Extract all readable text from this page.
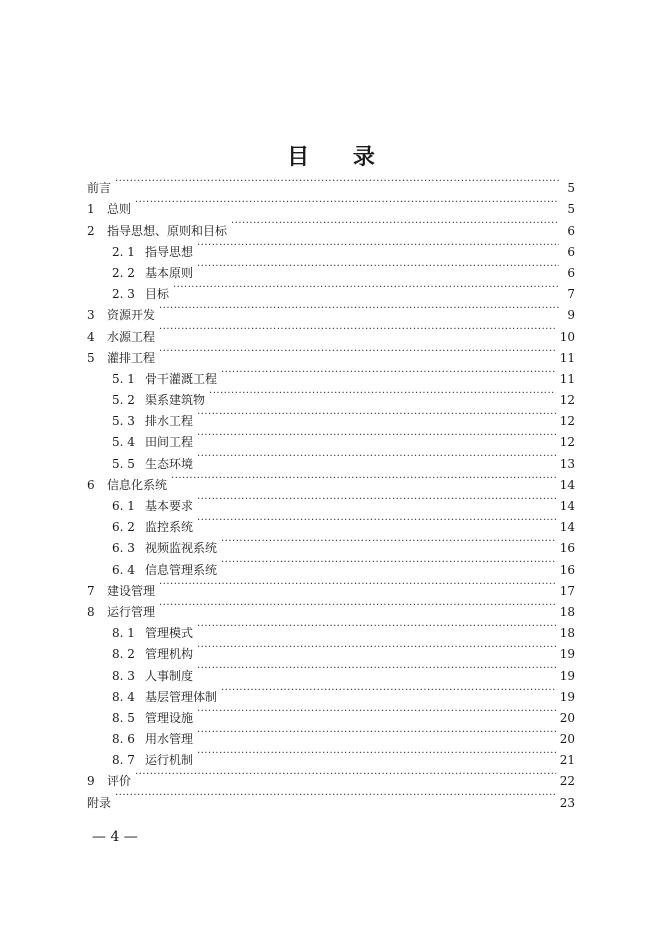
目 录
前言 ·····	5
1	总则 ·····	5
2	指导思想、原则和目标 ·····	6
2. 1 指导思想 ·····	6
2. 2 基本原则 ·····	6
2. 3 目标 ·····	7
3	资源开发 ·····	9
4	水源工程 ·····	10
5	灌排工程 ·····	11
5. 1 骨干灌溉工程 ·····	11
5. 2 渠系建筑物 ·····	12
5. 3 排水工程 ·····	12
5. 4 田间工程 ·····	12
5. 5 生态环境 ·····	13
6	信息化系统 ·····	14
6. 1 基本要求 ·····	14
6. 2 监控系统 ·····	14
6. 3 视频监视系统 ·····	16
6. 4 信息管理系统 ·····	16
7	建设管理 ·····	17
8	运行管理 ·····	18
8. 1 管理模式 ·····	18
8. 2 管理机构 ·····	19
8. 3 人事制度 ·····	19
8. 4 基层管理体制 ·····	19
8. 5 管理设施 ·····	20
8. 6 用水管理 ·····	20
8. 7 运行机制 ·····	21
9	评价 ·····	22
附录 ·····	23
— 4 —
